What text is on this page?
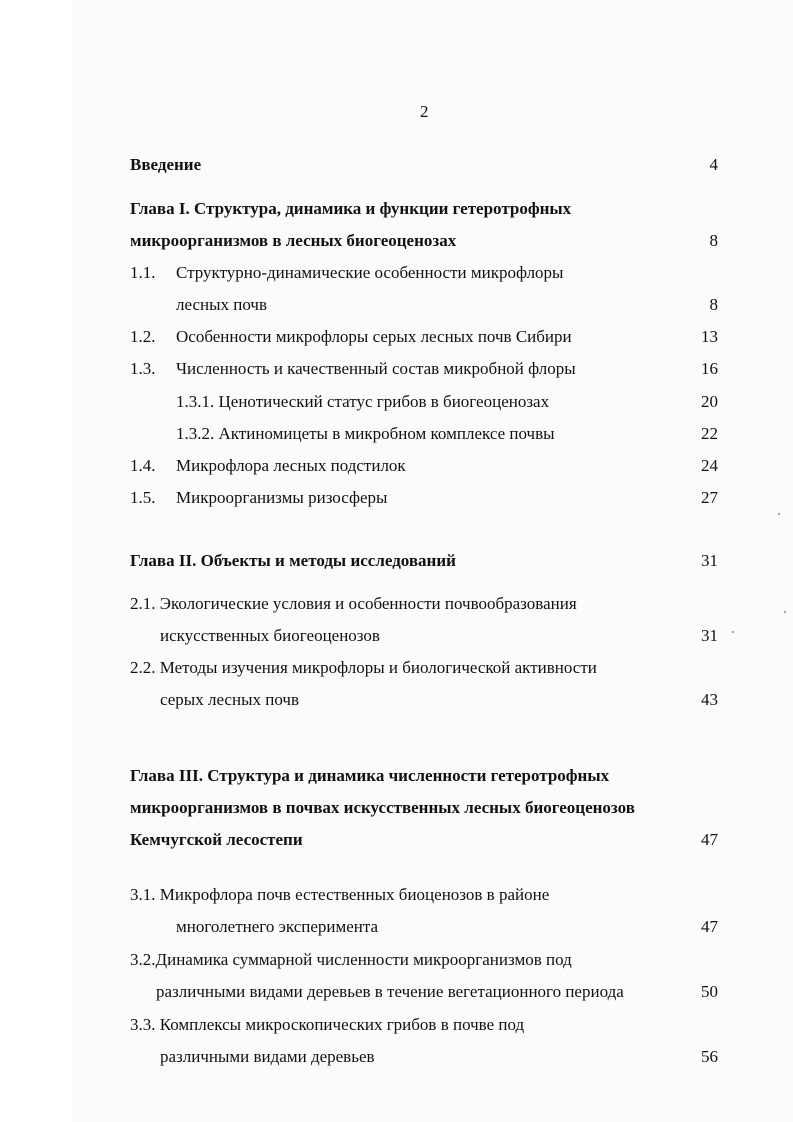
2
Введение	4
Глава I. Структура, динамика и функции гетеротрофных
микроорганизмов в лесных биогеоценозах	8
1.1. Структурно-динамические особенности микрофлоры
лесных почв	8
1.2. Особенности микрофлоры серых лесных почв Сибири	13
1.3. Численность и качественный состав микробной флоры	16
1.3.1. Ценотический статус грибов в биогеоценозах	20
1.3.2. Актиномицеты в микробном комплексе почвы	22
1.4. Микрофлора лесных подстилок	24
1.5. Микроорганизмы ризосферы	27
Глава II. Объекты и методы исследований	31
2.1. Экологические условия и особенности почвообразования
искусственных биогеоценозов	31
2.2. Методы изучения микрофлоры и биологической активности
серых лесных почв	43
Глава III. Структура и динамика численности гетеротрофных
микроорганизмов в почвах искусственных лесных биогеоценозов
Кемчугской лесостепи	47
3.1. Микрофлора почв естественных биоценозов в районе
многолетнего эксперимента	47
3.2.Динамика суммарной численности микроорганизмов под
различными видами деревьев в течение вегетационного периода	50
3.3. Комплексы микроскопических грибов в почве под
различными видами деревьев	56
